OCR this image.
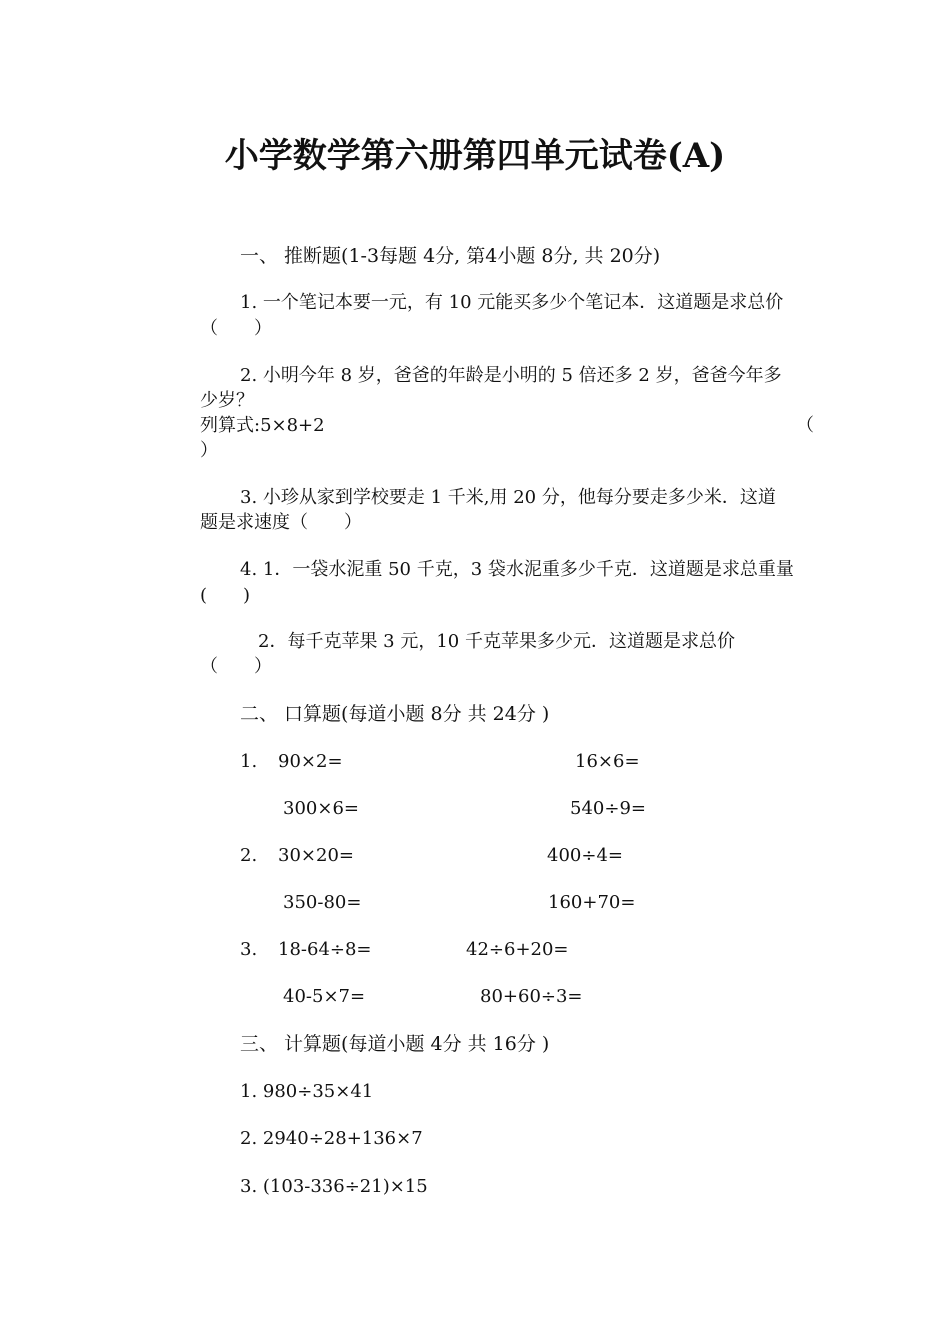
小学数学第六册第四单元试卷(A)
一、 推断题(1-3每题 4分, 第4小题 8分, 共 20分)
1. 一个笔记本要一元，有 10 元能买多少个笔记本．这道题是求总价
（　　）
2. 小明今年 8 岁，爸爸的年龄是小明的 5 倍还多 2 岁，爸爸今年多
少岁？
列算式:5×8+2	（
）
3. 小珍从家到学校要走 1 千米,用 20 分，他每分要走多少米．这道
题是求速度（　　）
4. 1．一袋水泥重 50 千克，3 袋水泥重多少千克．这道题是求总重量
(　　)
2．每千克苹果 3 元，10 千克苹果多少元．这道题是求总价
（　　）
二、 口算题(每道小题 8分 共 24分 )
1. 90×2=	16×6=
300×6=	540÷9=
2. 30×20=	400÷4=
350-80=	160+70=
3. 18-64÷8=	42÷6+20=
40-5×7=	80+60÷3=
三、 计算题(每道小题 4分 共 16分 )
1. 980÷35×41
2. 2940÷28+136×7
3. (103-336÷21)×15
